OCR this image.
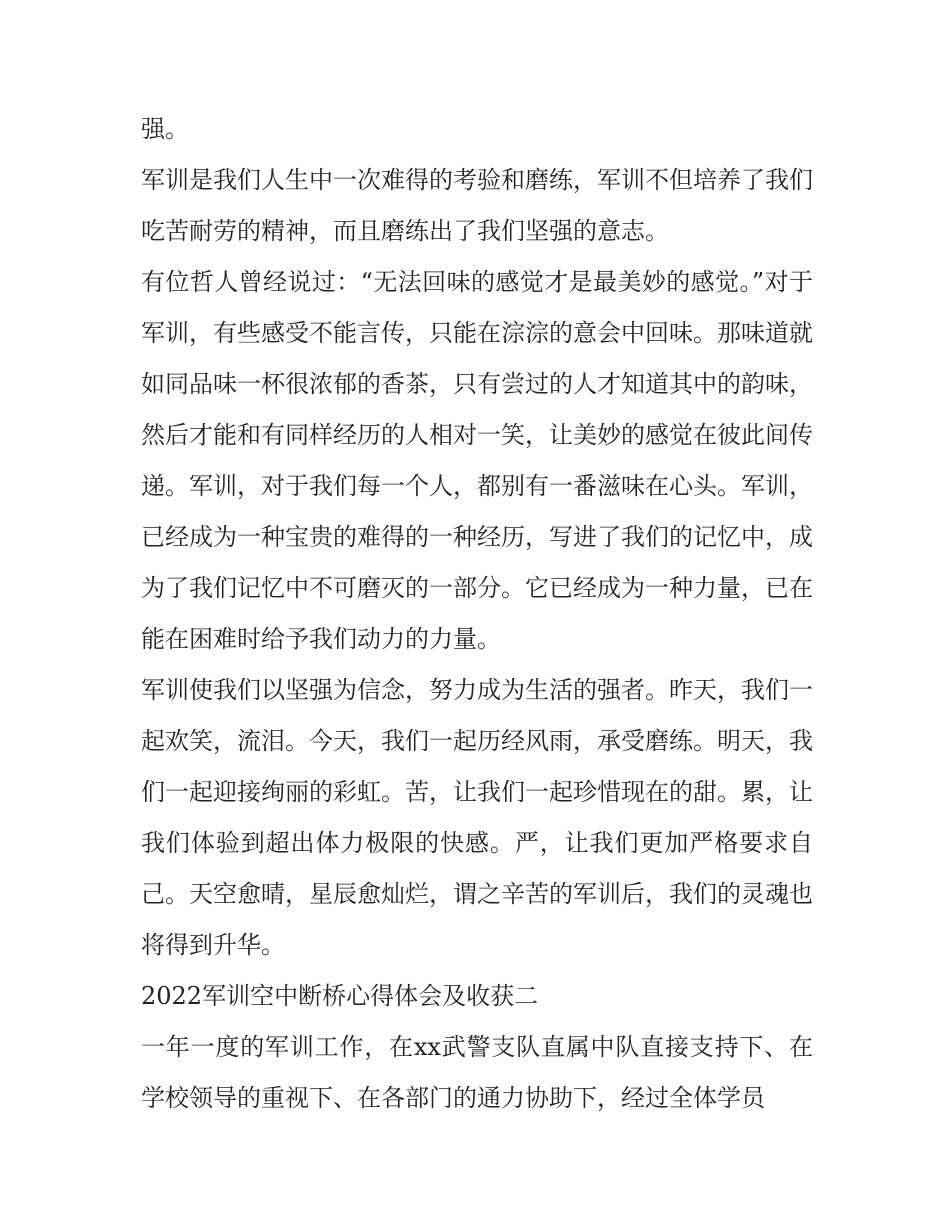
强。

军训是我们人生中一次难得的考验和磨练，军训不但培养了我们吃苦耐劳的精神，而且磨练出了我们坚强的意志。

有位哲人曾经说过：“无法回味的感觉才是最美妙的感觉。”对于军训，有些感受不能言传，只能在淙淙的意会中回味。那味道就如同品味一杯很浓郁的香茶，只有尝过的人才知道其中的韵味，然后才能和有同样经历的人相对一笑，让美妙的感觉在彼此间传递。军训，对于我们每一个人，都别有一番滋味在心头。军训，已经成为一种宝贵的难得的一种经历，写进了我们的记忆中，成为了我们记忆中不可磨灭的一部分。它已经成为一种力量，已在能在困难时给予我们动力的力量。

军训使我们以坚强为信念，努力成为生活的强者。昨天，我们一起欢笑，流泪。今天，我们一起历经风雨，承受磨练。明天，我们一起迎接绚丽的彩虹。苦，让我们一起珍惜现在的甜。累，让我们体验到超出体力极限的快感。严，让我们更加严格要求自己。天空愈晴，星辰愈灿烂，谓之辛苦的军训后，我们的灵魂也将得到升华。

2022军训空中断桥心得体会及收获二

一年一度的军训工作，在xx武警支队直属中队直接支持下、在学校领导的重视下、在各部门的通力协助下，经过全体学员
